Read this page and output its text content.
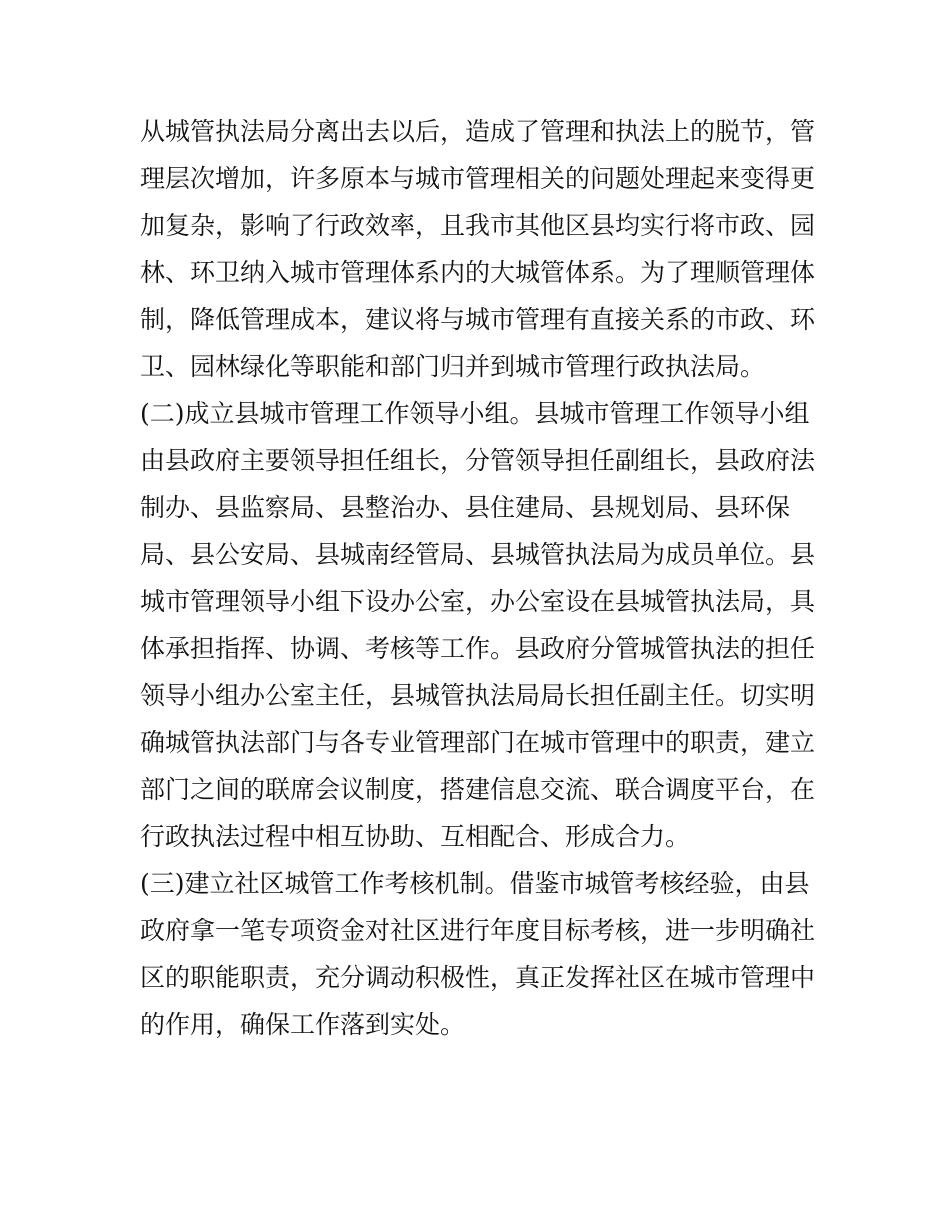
从城管执法局分离出去以后，造成了管理和执法上的脱节，管
理层次增加，许多原本与城市管理相关的问题处理起来变得更
加复杂，影响了行政效率，且我市其他区县均实行将市政、园
林、环卫纳入城市管理体系内的大城管体系。为了理顺管理体
制，降低管理成本，建议将与城市管理有直接关系的市政、环
卫、园林绿化等职能和部门归并到城市管理行政执法局。
(二)成立县城市管理工作领导小组。县城市管理工作领导小组
由县政府主要领导担任组长，分管领导担任副组长，县政府法
制办、县监察局、县整治办、县住建局、县规划局、县环保
局、县公安局、县城南经管局、县城管执法局为成员单位。县
城市管理领导小组下设办公室，办公室设在县城管执法局，具
体承担指挥、协调、考核等工作。县政府分管城管执法的担任
领导小组办公室主任，县城管执法局局长担任副主任。切实明
确城管执法部门与各专业管理部门在城市管理中的职责，建立
部门之间的联席会议制度，搭建信息交流、联合调度平台，在
行政执法过程中相互协助、互相配合、形成合力。
(三)建立社区城管工作考核机制。借鉴市城管考核经验，由县
政府拿一笔专项资金对社区进行年度目标考核，进一步明确社
区的职能职责，充分调动积极性，真正发挥社区在城市管理中
的作用，确保工作落到实处。
